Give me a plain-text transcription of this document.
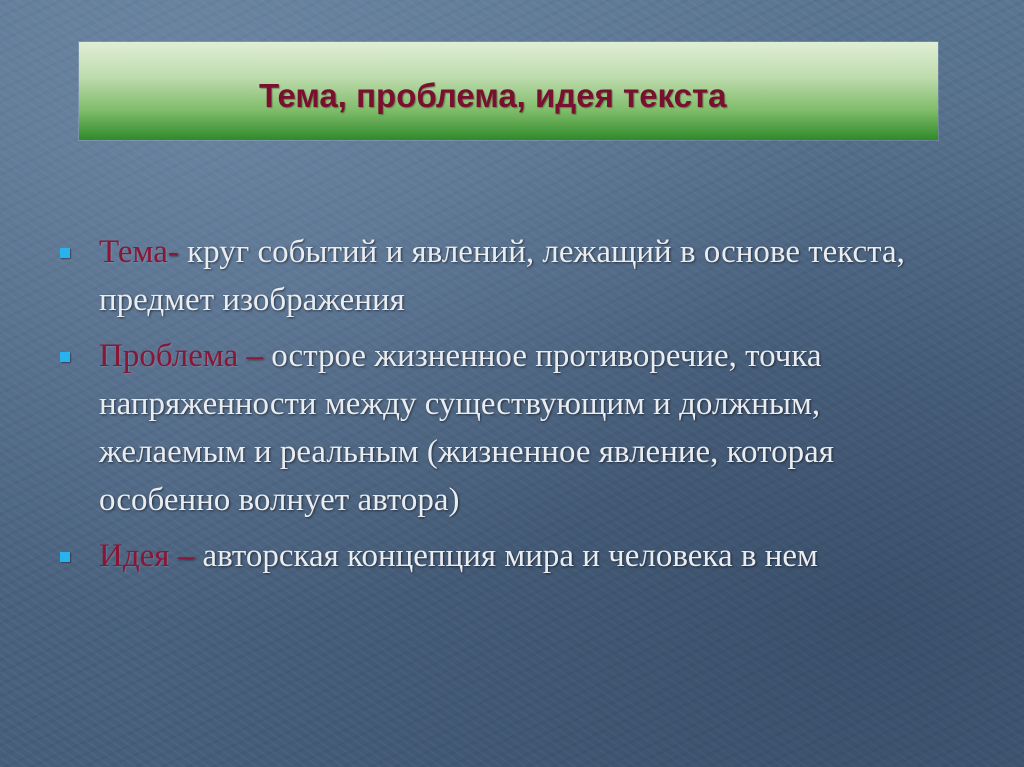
Тема, проблема, идея текста
Тема- круг событий и явлений, лежащий в основе текста, предмет изображения
Проблема – острое жизненное противоречие, точка напряженности между существующим и должным, желаемым и реальным (жизненное явление, которая особенно волнует автора)
Идея – авторская концепция мира и человека в нем
